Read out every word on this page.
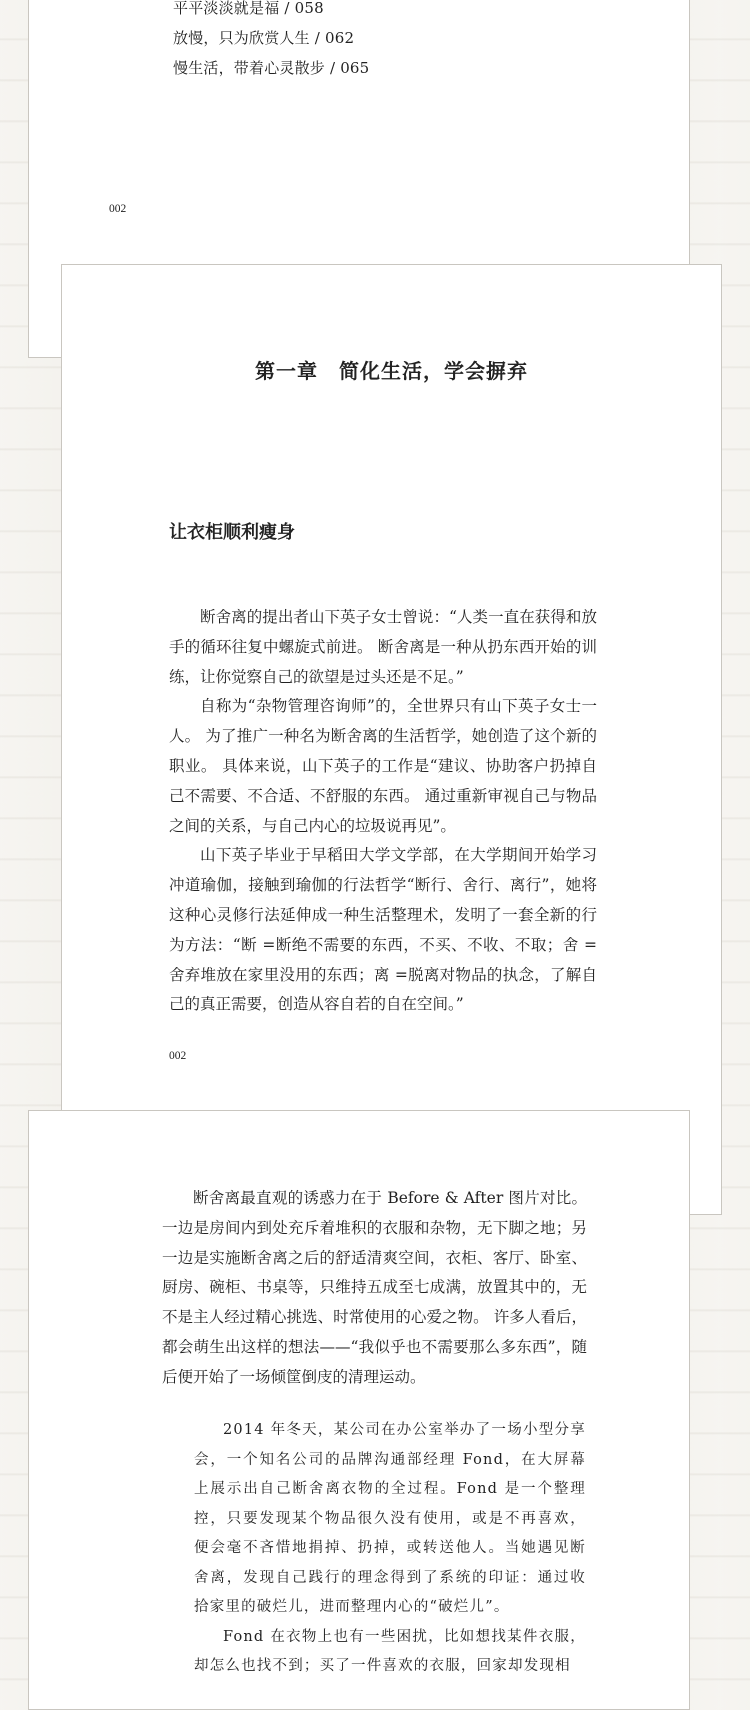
平平淡淡就是福 / 058
放慢，只为欣赏人生 / 062
慢生活，带着心灵散步 / 065
002
第一章　简化生活，学会摒弃
让衣柜顺利瘦身

断舍离的提出者山下英子女士曾说：“人类一直在获得和放手的循环往复中螺旋式前进。 断舍离是一种从扔东西开始的训练，让你觉察自己的欲望是过头还是不足。”

自称为“杂物管理咨询师”的，全世界只有山下英子女士一人。 为了推广一种名为断舍离的生活哲学，她创造了这个新的职业。 具体来说，山下英子的工作是“建议、协助客户扔掉自己不需要、不合适、不舒服的东西。 通过重新审视自己与物品之间的关系，与自己内心的垃圾说再见”。

山下英子毕业于早稻田大学文学部，在大学期间开始学习冲道瑜伽，接触到瑜伽的行法哲学“断行、舍行、离行”，她将这种心灵修行法延伸成一种生活整理术，发明了一套全新的行为方法：“断 =断绝不需要的东西，不买、不收、不取；舍 =舍弃堆放在家里没用的东西；离 =脱离对物品的执念，了解自己的真正需要，创造从容自若的自在空间。”

002

断舍离最直观的诱惑力在于 Before & After 图片对比。 一边是房间内到处充斥着堆积的衣服和杂物，无下脚之地；另一边是实施断舍离之后的舒适清爽空间，衣柜、客厅、卧室、厨房、碗柜、书桌等，只维持五成至七成满，放置其中的，无不是主人经过精心挑选、时常使用的心爱之物。 许多人看后，都会萌生出这样的想法——“我似乎也不需要那么多东西”，随后便开始了一场倾筐倒庋的清理运动。

2014 年冬天，某公司在办公室举办了一场小型分享会，一个知名公司的品牌沟通部经理 Fond，在大屏幕上展示出自己断舍离衣物的全过程。Fond 是一个整理控，只要发现某个物品很久没有使用，或是不再喜欢，便会毫不吝惜地捐掉、扔掉，或转送他人。当她遇见断舍离，发现自己践行的理念得到了系统的印证：通过收拾家里的破烂儿，进而整理内心的“破烂儿”。

Fond 在衣物上也有一些困扰，比如想找某件衣服，却怎么也找不到；买了一件喜欢的衣服，回家却发现相
